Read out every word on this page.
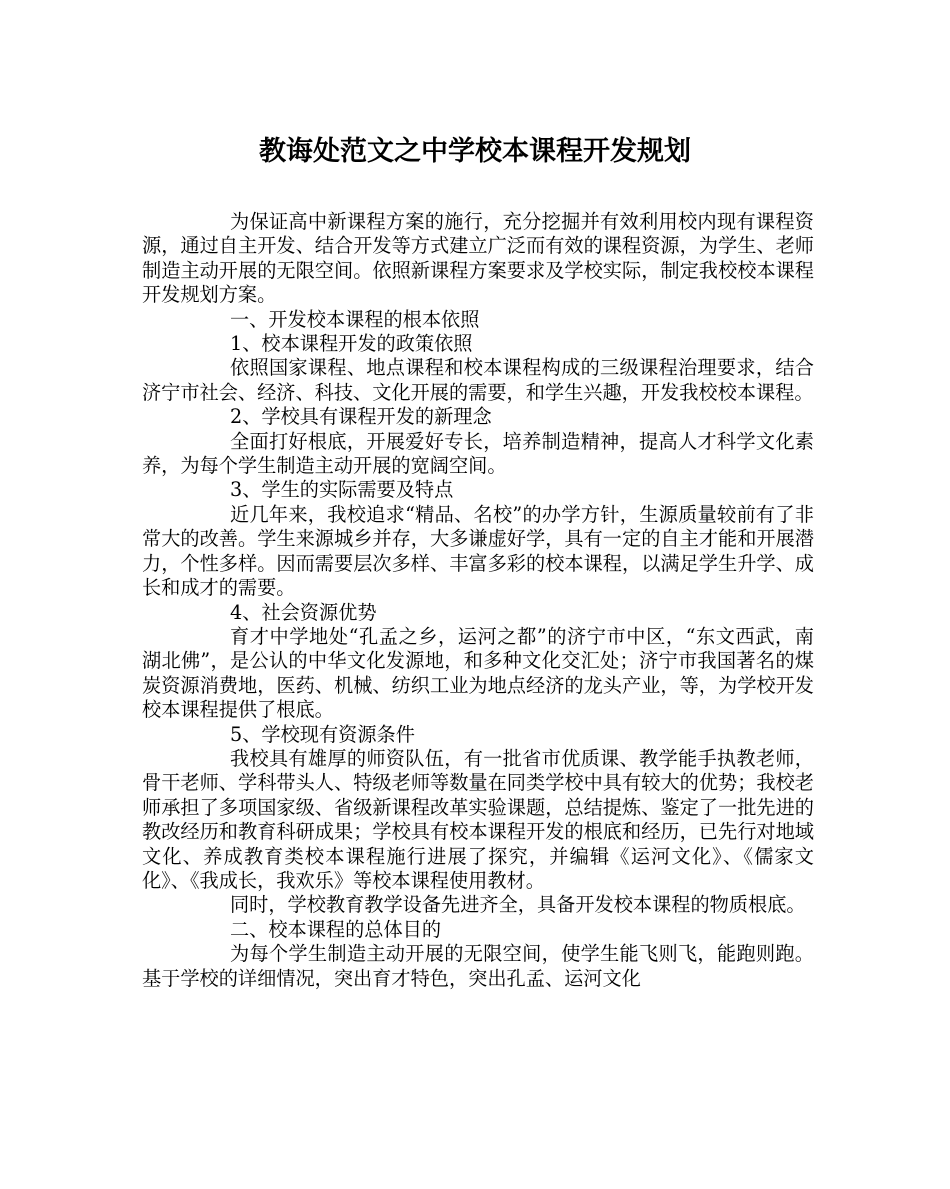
教诲处范文之中学校本课程开发规划

为保证高中新课程方案的施行，充分挖掘并有效利用校内现有课程资源，通过自主开发、结合开发等方式建立广泛而有效的课程资源，为学生、老师制造主动开展的无限空间。依照新课程方案要求及学校实际，制定我校校本课程开发规划方案。

一、开发校本课程的根本依照

1、校本课程开发的政策依照

依照国家课程、地点课程和校本课程构成的三级课程治理要求，结合济宁市社会、经济、科技、文化开展的需要，和学生兴趣，开发我校校本课程。

2、学校具有课程开发的新理念

全面打好根底，开展爱好专长，培养制造精神，提高人才科学文化素养，为每个学生制造主动开展的宽阔空间。

3、学生的实际需要及特点

近几年来，我校追求“精品、名校”的办学方针，生源质量较前有了非常大的改善。学生来源城乡并存，大多谦虚好学，具有一定的自主才能和开展潜力，个性多样。因而需要层次多样、丰富多彩的校本课程，以满足学生升学、成长和成才的需要。

4、社会资源优势

育才中学地处“孔孟之乡，运河之都”的济宁市中区，“东文西武，南湖北佛”，是公认的中华文化发源地，和多种文化交汇处；济宁市我国著名的煤炭资源消费地，医药、机械、纺织工业为地点经济的龙头产业，等，为学校开发校本课程提供了根底。

5、学校现有资源条件

我校具有雄厚的师资队伍，有一批省市优质课、教学能手执教老师，骨干老师、学科带头人、特级老师等数量在同类学校中具有较大的优势；我校老师承担了多项国家级、省级新课程改革实验课题，总结提炼、鉴定了一批先进的教改经历和教育科研成果；学校具有校本课程开发的根底和经历，已先行对地域文化、养成教育类校本课程施行进展了探究，并编辑《运河文化》、《儒家文化》、《我成长，我欢乐》等校本课程使用教材。

同时，学校教育教学设备先进齐全，具备开发校本课程的物质根底。

二、校本课程的总体目的

为每个学生制造主动开展的无限空间，使学生能飞则飞，能跑则跑。基于学校的详细情况，突出育才特色，突出孔孟、运河文化
